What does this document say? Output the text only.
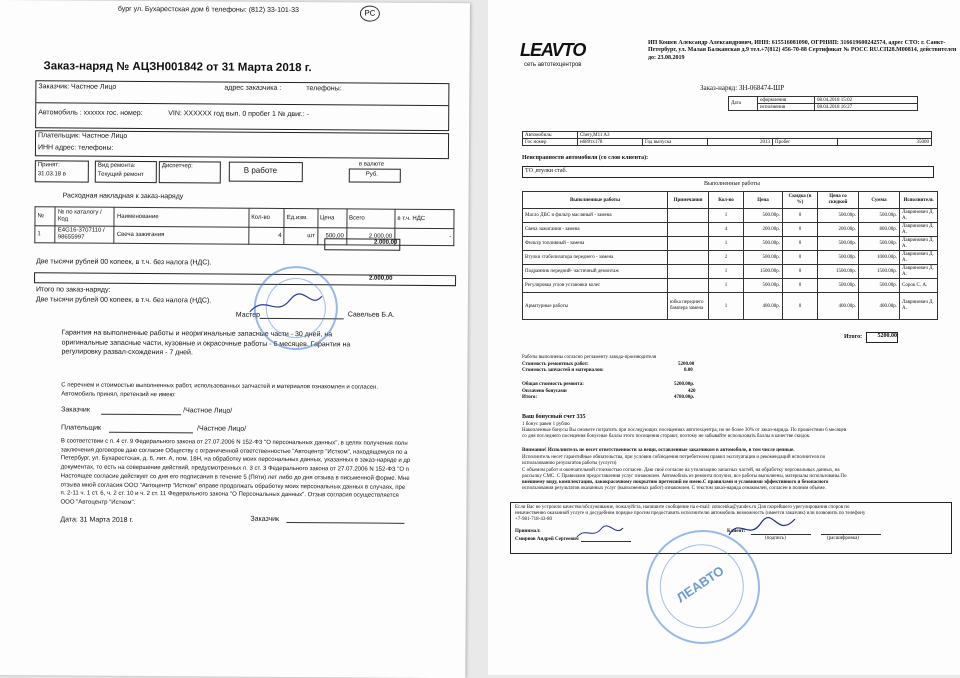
бург ул. Бухарестская дом 6 телефоны: (812) 33-101-33	PC
Заказ-наряд № АЦЗН001842 от 31 Марта 2018 г.
Заказчик: Частное Лицо	адрес заказчика :	телефоны:
Автомобиль : хххххх гос. номер:	VIN: XXXXXX год вып. 0 пробег 1 № двиг.: -
Плательщик: Частное Лицо
ИНН адрес: телефоны:
Принят:
31.03.18 в
Вид ремонта:
Текущий ремонт
Диспетчер:	В работе
в валюте
Руб.
Расходная накладная к заказ-наряду
№	№ по каталогу / Код	Наименование	Кол-во	Ед.изм.	Цена	Всего	в т.ч. НДС
1	E4G16-3707110 / 98655997	Свеча зажигания	4	шт	500,00	2.000,00	-
2.000,00
Две тысячи рублей 00 копеек, в т.ч. без налога (НДС).
2.000,00
Итого по заказ-наряду:
Две тысячи рублей 00 копеек, в т.ч. без налога (НДС).
Мастер	Савельев Б.А.
Гарантия на выполненные работы и неоригинальные запасные части - 30 дней, на
оригинальные запасные части, кузовные и окрасочные работы - 6 месяцев. Гарантия на
регулировку развал-схождения - 7 дней.
С перечнем и стоимостью выполненных работ, использованных запчастей и материалов ознакомлен и согласен.
Автомобиль принял, претензий не имею:
Заказчик	/Частное Лицо/
Плательщик	/Частное Лицо/
В соответствии с п. 4 ст. 9 Федерального закона от 27.07.2006 N 152-ФЗ "О персональных данных", в целях получения полн
заключения договоров даю согласие Обществу с ограниченной ответственностью "Автоцентр "Истком", находящемуся по а
Петербург, ул. Бухарестская, д. 6, лит. А, пом. 18Н, на обработку моих персональных данных, указанных в заказ-наряде и др
документах, то есть на совершение действий, предусмотренных п. 3 ст. 3 Федерального закона от 27.07.2006 N 152-ФЗ "О п
Настоящее согласие действует со дня его подписания в течение 5 (Пяти) лет либо до дня отзыва в письменной форме. Мне
отзыва мной согласия ООО "Автоцентр "Истком" вправе продолжать обработку моих персональных данных в случаях, пре
п. 2-11 ч. 1 ст. 6, ч. 2 ст. 10 и ч. 2 ст. 11 Федерального закона "О Персональных данных". Отзыв согласия осуществляется
ООО "Автоцентр "Истком".
Дата: 31 Марта 2018 г.	Заказчик
LEAVTO
сеть автотехцентров
ИП Кошев Александр Александрович, ИНН: 615516081090, ОГРНИП: 316619600242574, адрес СТО: г. Санкт-
Петербург, ул. Малая Балканская д.9 тел.+7(812) 456-70-88 Сертификат № РОСС RU.СП28.М00814, действителен
до: 23.08.2019
Заказ-наряд: ЗН-068474-ШР
Дата	оформления	08.04.2018 15:02
	исполнения	08.04.2018 16:27
Автомобиль:	Chery,M11 A3				
Гос номер	н689тх178	Год выпуска	2013	Пробег	35000
Неисправности автомобиля (со слов клиента):
ТО ,втулки стаб.
Выполненные работы
Выполненные работы	Примечания	Кол-во	Цена	Скидка (в %)	Цена со скидкой	Сумма	Исполнитель
Масло ДВС и фильтр масляный - замена		1	500.00р.	0	500.00р.	500.00р.	Лавринович Д. А.
Свеча зажигания - замена		4	200.00р.	0	200.00р.	800.00р.	Лавринович Д. А.
Фильтр топливный - замена		1	500.00р.	0	500.00р.	500.00р.	Лавринович Д. А.
Втулки стабилизатора переднего - замена		2	500.00р.	0	500.00р.	1000.00р.	Лавринович Д. А.
Подрамник передний- частичный демонтаж		1	1500.00р.	0	1500.00р.	1500.00р.	Лавринович Д. А.
Регулировка углов установки колес		1	500.00р.	0	500.00р.	500.00р.	Сорок С. А.
Арматурные работы	юбка переднего бампера замена	1	400.00р.	0	400.00р.	400.00р.	Лавринович Д. А.
Итого:	5200.00
Работы выполнены согласно регламенту завода-производителя
Стоимость ремонтных работ:	5200.00
Стоимость запчастей и материалов:	0.00
Общая стоимость ремонта:	5200.00р.
Оплачено бонусами	420
Итого:	4780.00р.
Ваш бонусный счет 335
1 бонус равен 1 рублю
Накопленные бонусы Вы сможете потратить при последующих посещениях автотехцентра, но не более 30% от заказ-наряда. По прошествии 6 месяцев
со дня последнего посещения бонусные баллы этого посещения сгорают, поэтому не забывайте использовать баллы в качестве скидок.
Внимание! Исполнитель не несет ответственности за вещи, оставленные заказчиком в автомобиле, в том числе ценные.
Исполнитель несет гарантийные обязательства, при условии соблюдения потребителем правил эксплуатации и рекомендаций исполнителя по
использованию результатов работы (услуги)
С объемом работ и окончательной стоимостью согласен. Даю своё согласие на утилизацию запасных частей, на обработку персональных данных, на
рассылку СМС. С Правилами предоставления услуг ознакомлен. Автомобиль из ремонта получил, все работы выполнены, материалы использованы.По
внешнему виду, комплектации, лакокрасочному покрытию претензий не имею.С правилами и условиями эффективного и безопасного
использования результатов оказанных услуг (выполненных работ) ознакомлен. С текстом заказ-наряда ознакомлен, согласен в полном объеме.
Если Вас не устроило качество/обслуживание, пожалуйста, напишите сообщение на e-mail: zotocenka@yandex.ru Для скорейшего урегулирования споров по
некачественно оказанной услуге и досудебном порядке просим предоставить исполнителю автомобиль возможность (имеется заказчик) или позвонить по телефону
+7-981-718-43-80
Принимал:
Смирнов Андрей Сергеевич
Клиент:
(подпись)	(расшифровка)
ЛЕАВТО
